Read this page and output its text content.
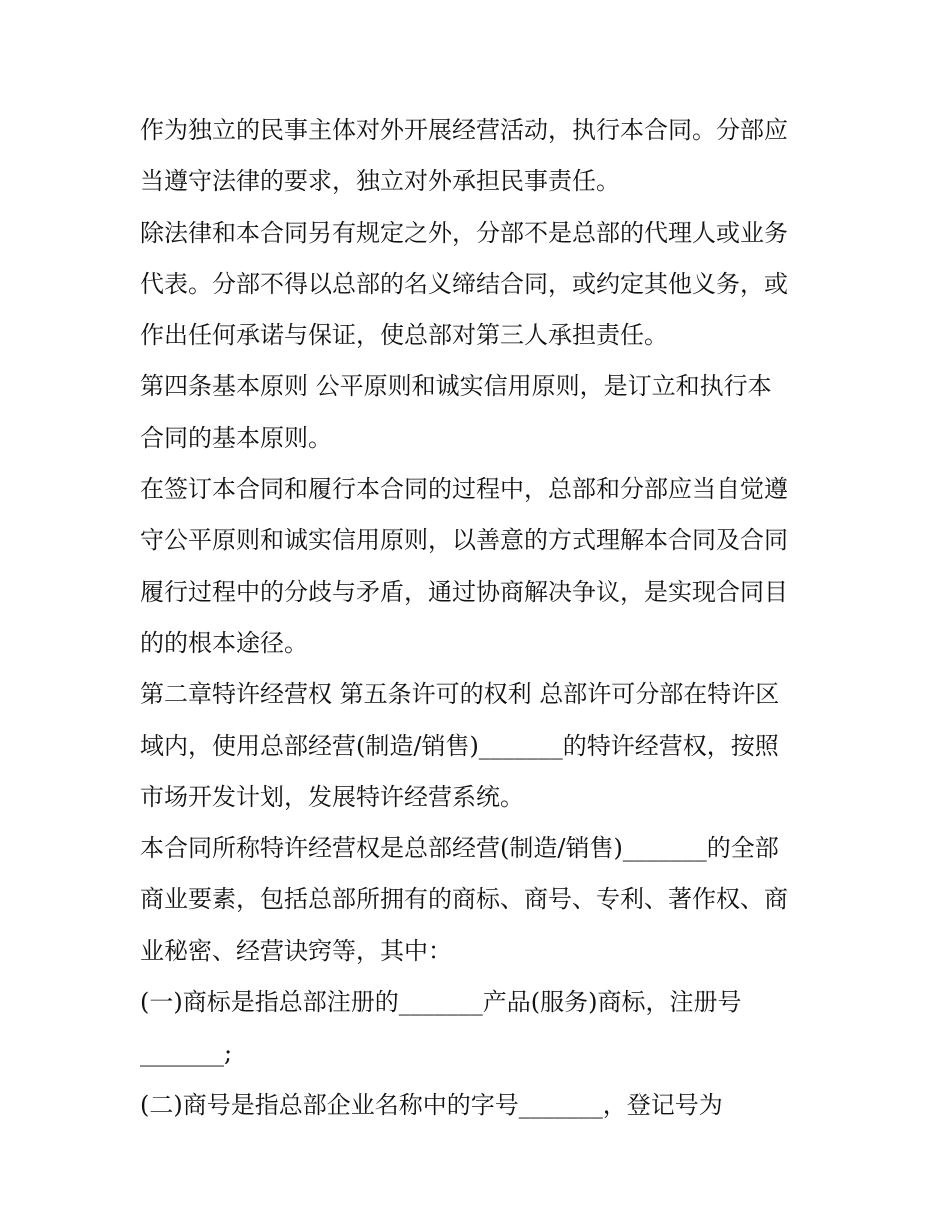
作为独立的民事主体对外开展经营活动，执行本合同。分部应
当遵守法律的要求，独立对外承担民事责任。
除法律和本合同另有规定之外，分部不是总部的代理人或业务
代表。分部不得以总部的名义缔结合同，或约定其他义务，或
作出任何承诺与保证，使总部对第三人承担责任。
第四条基本原则 公平原则和诚实信用原则，是订立和执行本
合同的基本原则。
在签订本合同和履行本合同的过程中，总部和分部应当自觉遵
守公平原则和诚实信用原则，以善意的方式理解本合同及合同
履行过程中的分歧与矛盾，通过协商解决争议，是实现合同目
的的根本途径。
第二章特许经营权 第五条许可的权利 总部许可分部在特许区
域内，使用总部经营(制造/销售)_______的特许经营权，按照
市场开发计划，发展特许经营系统。
本合同所称特许经营权是总部经营(制造/销售)_______的全部
商业要素，包括总部所拥有的商标、商号、专利、著作权、商
业秘密、经营诀窍等，其中：
(一)商标是指总部注册的_______产品(服务)商标，注册号
_______;
(二)商号是指总部企业名称中的字号_______，登记号为
